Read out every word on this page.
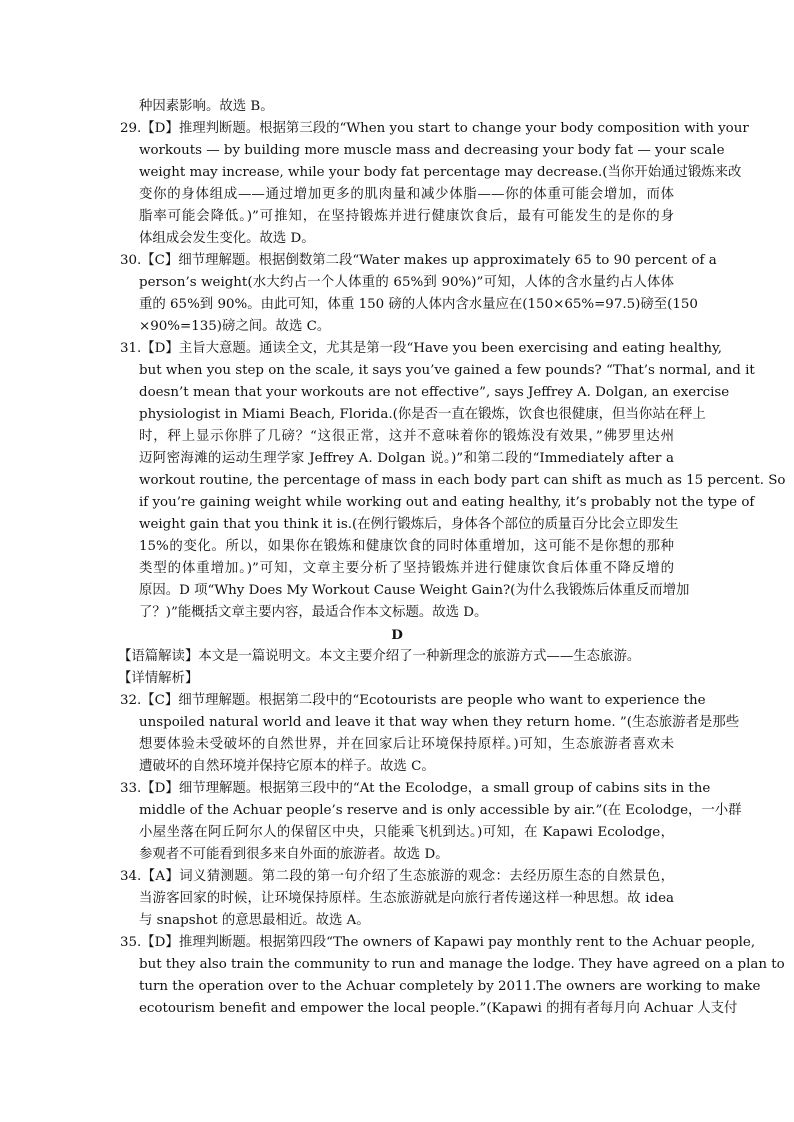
种因素影响。故选 B。
29.【D】推理判断题。根据第三段的“When you start to change your body composition with your
workouts — by building more muscle mass and decreasing your body fat — your scale
weight may increase, while your body fat percentage may decrease.(当你开始通过锻炼来改
变你的身体组成——通过增加更多的肌肉量和减少体脂——你的体重可能会增加，而体
脂率可能会降低。)”可推知，在坚持锻炼并进行健康饮食后，最有可能发生的是你的身
体组成会发生变化。故选 D。
30.【C】细节理解题。根据倒数第二段“Water makes up approximately 65 to 90 percent of a
person’s weight(水大约占一个人体重的 65%到 90%)”可知，人体的含水量约占人体体
重的 65%到 90%。由此可知，体重 150 磅的人体内含水量应在(150×65%=97.5)磅至(150
×90%=135)磅之间。故选 C。
31.【D】主旨大意题。通读全文，尤其是第一段“Have you been exercising and eating healthy,
but when you step on the scale, it says you’ve gained a few pounds? “That’s normal, and it
doesn’t mean that your workouts are not effective”, says Jeffrey A. Dolgan, an exercise
physiologist in Miami Beach, Florida.(你是否一直在锻炼，饮食也很健康，但当你站在秤上
时，秤上显示你胖了几磅？“这很正常，这并不意味着你的锻炼没有效果，”佛罗里达州
迈阿密海滩的运动生理学家 Jeffrey A. Dolgan 说。)”和第二段的“Immediately after a
workout routine, the percentage of mass in each body part can shift as much as 15 percent. So
if you’re gaining weight while working out and eating healthy, it’s probably not the type of
weight gain that you think it is.(在例行锻炼后，身体各个部位的质量百分比会立即发生
15%的变化。所以，如果你在锻炼和健康饮食的同时体重增加，这可能不是你想的那种
类型的体重增加。)”可知，文章主要分析了坚持锻炼并进行健康饮食后体重不降反增的
原因。D 项“Why Does My Workout Cause Weight Gain?(为什么我锻炼后体重反而增加
了？)”能概括文章主要内容，最适合作本文标题。故选 D。
D
【语篇解读】本文是一篇说明文。本文主要介绍了一种新理念的旅游方式——生态旅游。
【详情解析】
32.【C】细节理解题。根据第二段中的“Ecotourists are people who want to experience the
unspoiled natural world and leave it that way when they return home. ”(生态旅游者是那些
想要体验未受破坏的自然世界，并在回家后让环境保持原样。)可知，生态旅游者喜欢未
遭破坏的自然环境并保持它原本的样子。故选 C。
33.【D】细节理解题。根据第三段中的“At the Ecolodge，a small group of cabins sits in the
middle of the Achuar people’s reserve and is only accessible by air.”(在 Ecolodge，一小群
小屋坐落在阿丘阿尔人的保留区中央，只能乘飞机到达。)可知，在 Kapawi Ecolodge，
参观者不可能看到很多来自外面的旅游者。故选 D。
34.【A】词义猜测题。第二段的第一句介绍了生态旅游的观念：去经历原生态的自然景色，
当游客回家的时候，让环境保持原样。生态旅游就是向旅行者传递这样一种思想。故 idea
与 snapshot 的意思最相近。故选 A。
35.【D】推理判断题。根据第四段“The owners of Kapawi pay monthly rent to the Achuar people,
but they also train the community to run and manage the lodge. They have agreed on a plan to
turn the operation over to the Achuar completely by 2011.The owners are working to make
ecotourism benefit and empower the local people.”(Kapawi 的拥有者每月向 Achuar 人支付
